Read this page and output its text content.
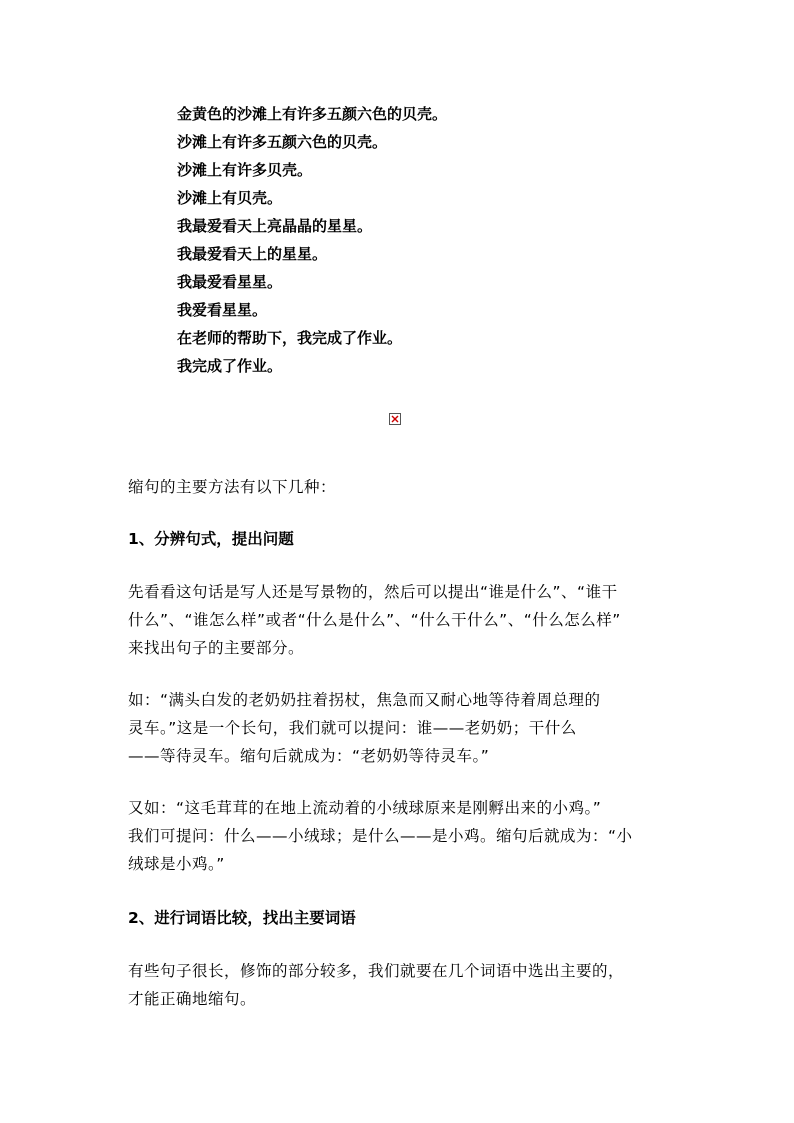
金黄色的沙滩上有许多五颜六色的贝壳。
沙滩上有许多五颜六色的贝壳。
沙滩上有许多贝壳。
沙滩上有贝壳。
我最爱看天上亮晶晶的星星。
我最爱看天上的星星。
我最爱看星星。
我爱看星星。
在老师的帮助下，我完成了作业。
我完成了作业。
缩句的主要方法有以下几种：
1、分辨句式，提出问题
先看看这句话是写人还是写景物的，然后可以提出“谁是什么”、“谁干
什么”、“谁怎么样”或者“什么是什么”、“什么干什么”、“什么怎么样”
来找出句子的主要部分。
如：“满头白发的老奶奶拄着拐杖，焦急而又耐心地等待着周总理的
灵车。”这是一个长句，我们就可以提问：谁——老奶奶；干什么
——等待灵车。缩句后就成为：“老奶奶等待灵车。”
又如：“这毛茸茸的在地上流动着的小绒球原来是刚孵出来的小鸡。”
我们可提问：什么——小绒球；是什么——是小鸡。缩句后就成为：“小
绒球是小鸡。”
2、进行词语比较，找出主要词语
有些句子很长，修饰的部分较多，我们就要在几个词语中选出主要的，
才能正确地缩句。
